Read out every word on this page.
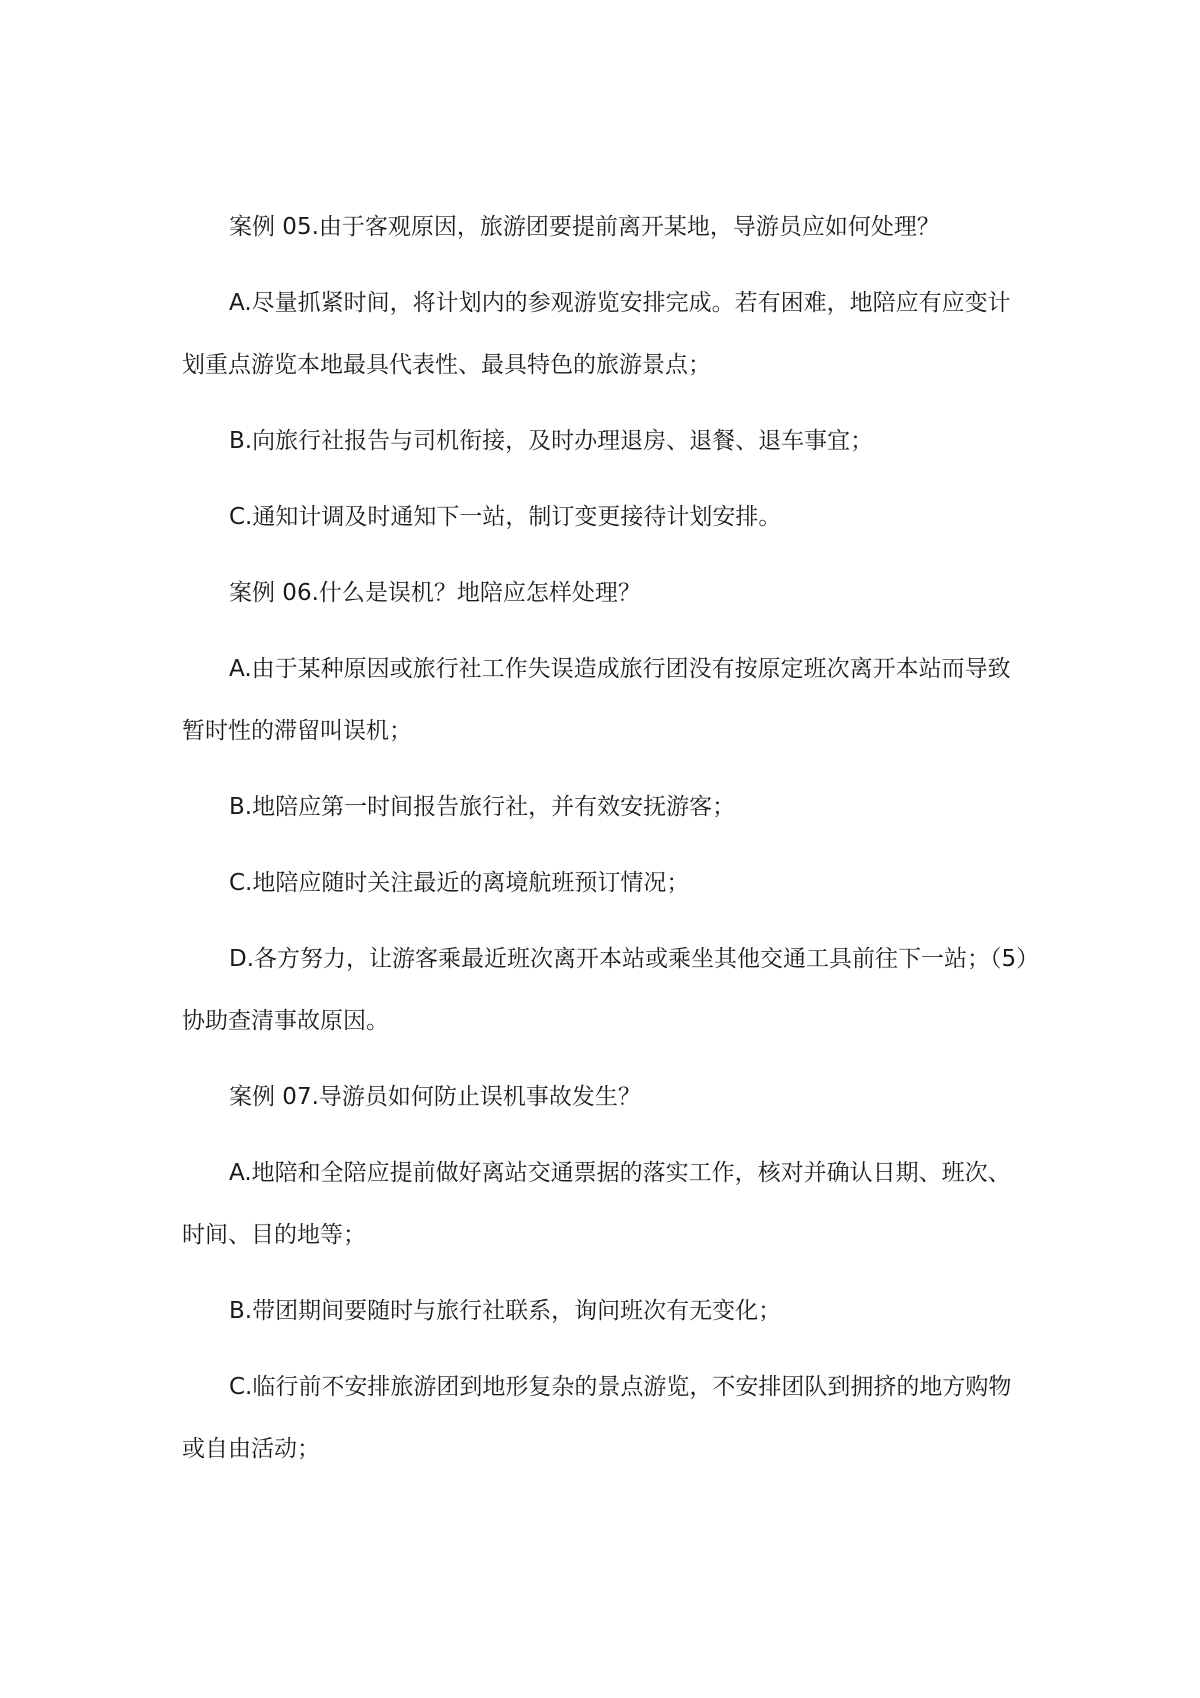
案例 05.由于客观原因，旅游团要提前离开某地，导游员应如何处理？

A.尽量抓紧时间，将计划内的参观游览安排完成。若有困难，地陪应有应变计划重点游览本地最具代表性、最具特色的旅游景点；

B.向旅行社报告与司机衔接，及时办理退房、退餐、退车事宜；

C.通知计调及时通知下一站，制订变更接待计划安排。

案例 06.什么是误机？地陪应怎样处理？

A.由于某种原因或旅行社工作失误造成旅行团没有按原定班次离开本站而导致暂时性的滞留叫误机；

B.地陪应第一时间报告旅行社，并有效安抚游客；

C.地陪应随时关注最近的离境航班预订情况；

D.各方努力，让游客乘最近班次离开本站或乘坐其他交通工具前往下一站；（5）协助查清事故原因。

案例 07.导游员如何防止误机事故发生？

A.地陪和全陪应提前做好离站交通票据的落实工作，核对并确认日期、班次、时间、目的地等；

B.带团期间要随时与旅行社联系，询问班次有无变化；

C.临行前不安排旅游团到地形复杂的景点游览，不安排团队到拥挤的地方购物或自由活动；
